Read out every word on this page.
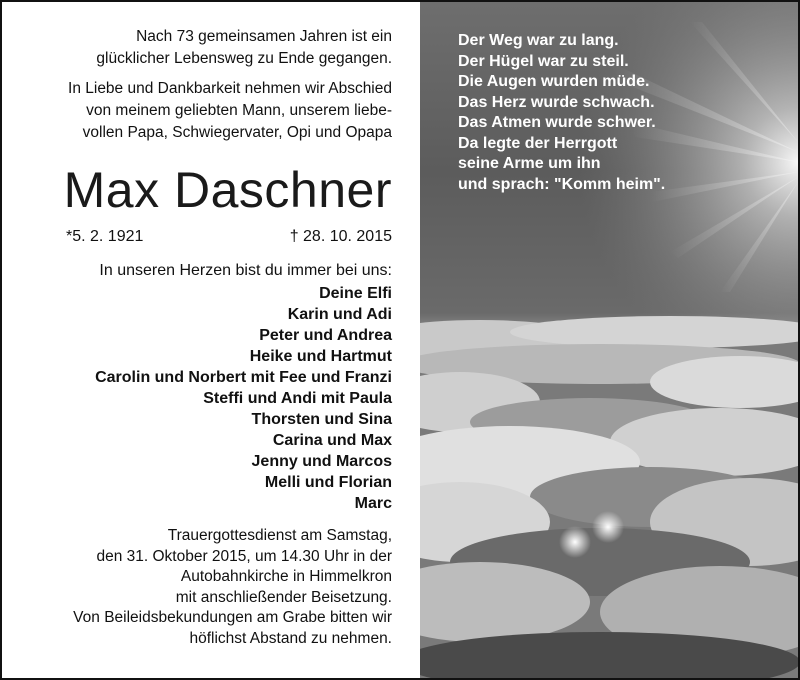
Nach 73 gemeinsamen Jahren ist ein
glücklicher Lebensweg zu Ende gegangen.

In Liebe und Dankbarkeit nehmen wir Abschied
von meinem geliebten Mann, unserem liebe-
vollen Papa, Schwiegervater, Opi und Opapa

Max Daschner
*5. 2. 1921	† 28. 10. 2015

In unseren Herzen bist du immer bei uns:

Deine Elfi
Karin und Adi
Peter und Andrea
Heike und Hartmut
Carolin und Norbert mit Fee und Franzi
Steffi und Andi mit Paula
Thorsten und Sina
Carina und Max
Jenny und Marcos
Melli und Florian
Marc
Trauergottesdienst am Samstag,
den 31. Oktober 2015, um 14.30 Uhr in der
Autobahnkirche in Himmelkron
mit anschließender Beisetzung.
Von Beileidsbekundungen am Grabe bitten wir
höflichst Abstand zu nehmen.
Der Weg war zu lang.
Der Hügel war zu steil.
Die Augen wurden müde.
Das Herz wurde schwach.
Das Atmen wurde schwer.
Da legte der Herrgott
seine Arme um ihn
und sprach: "Komm heim".
